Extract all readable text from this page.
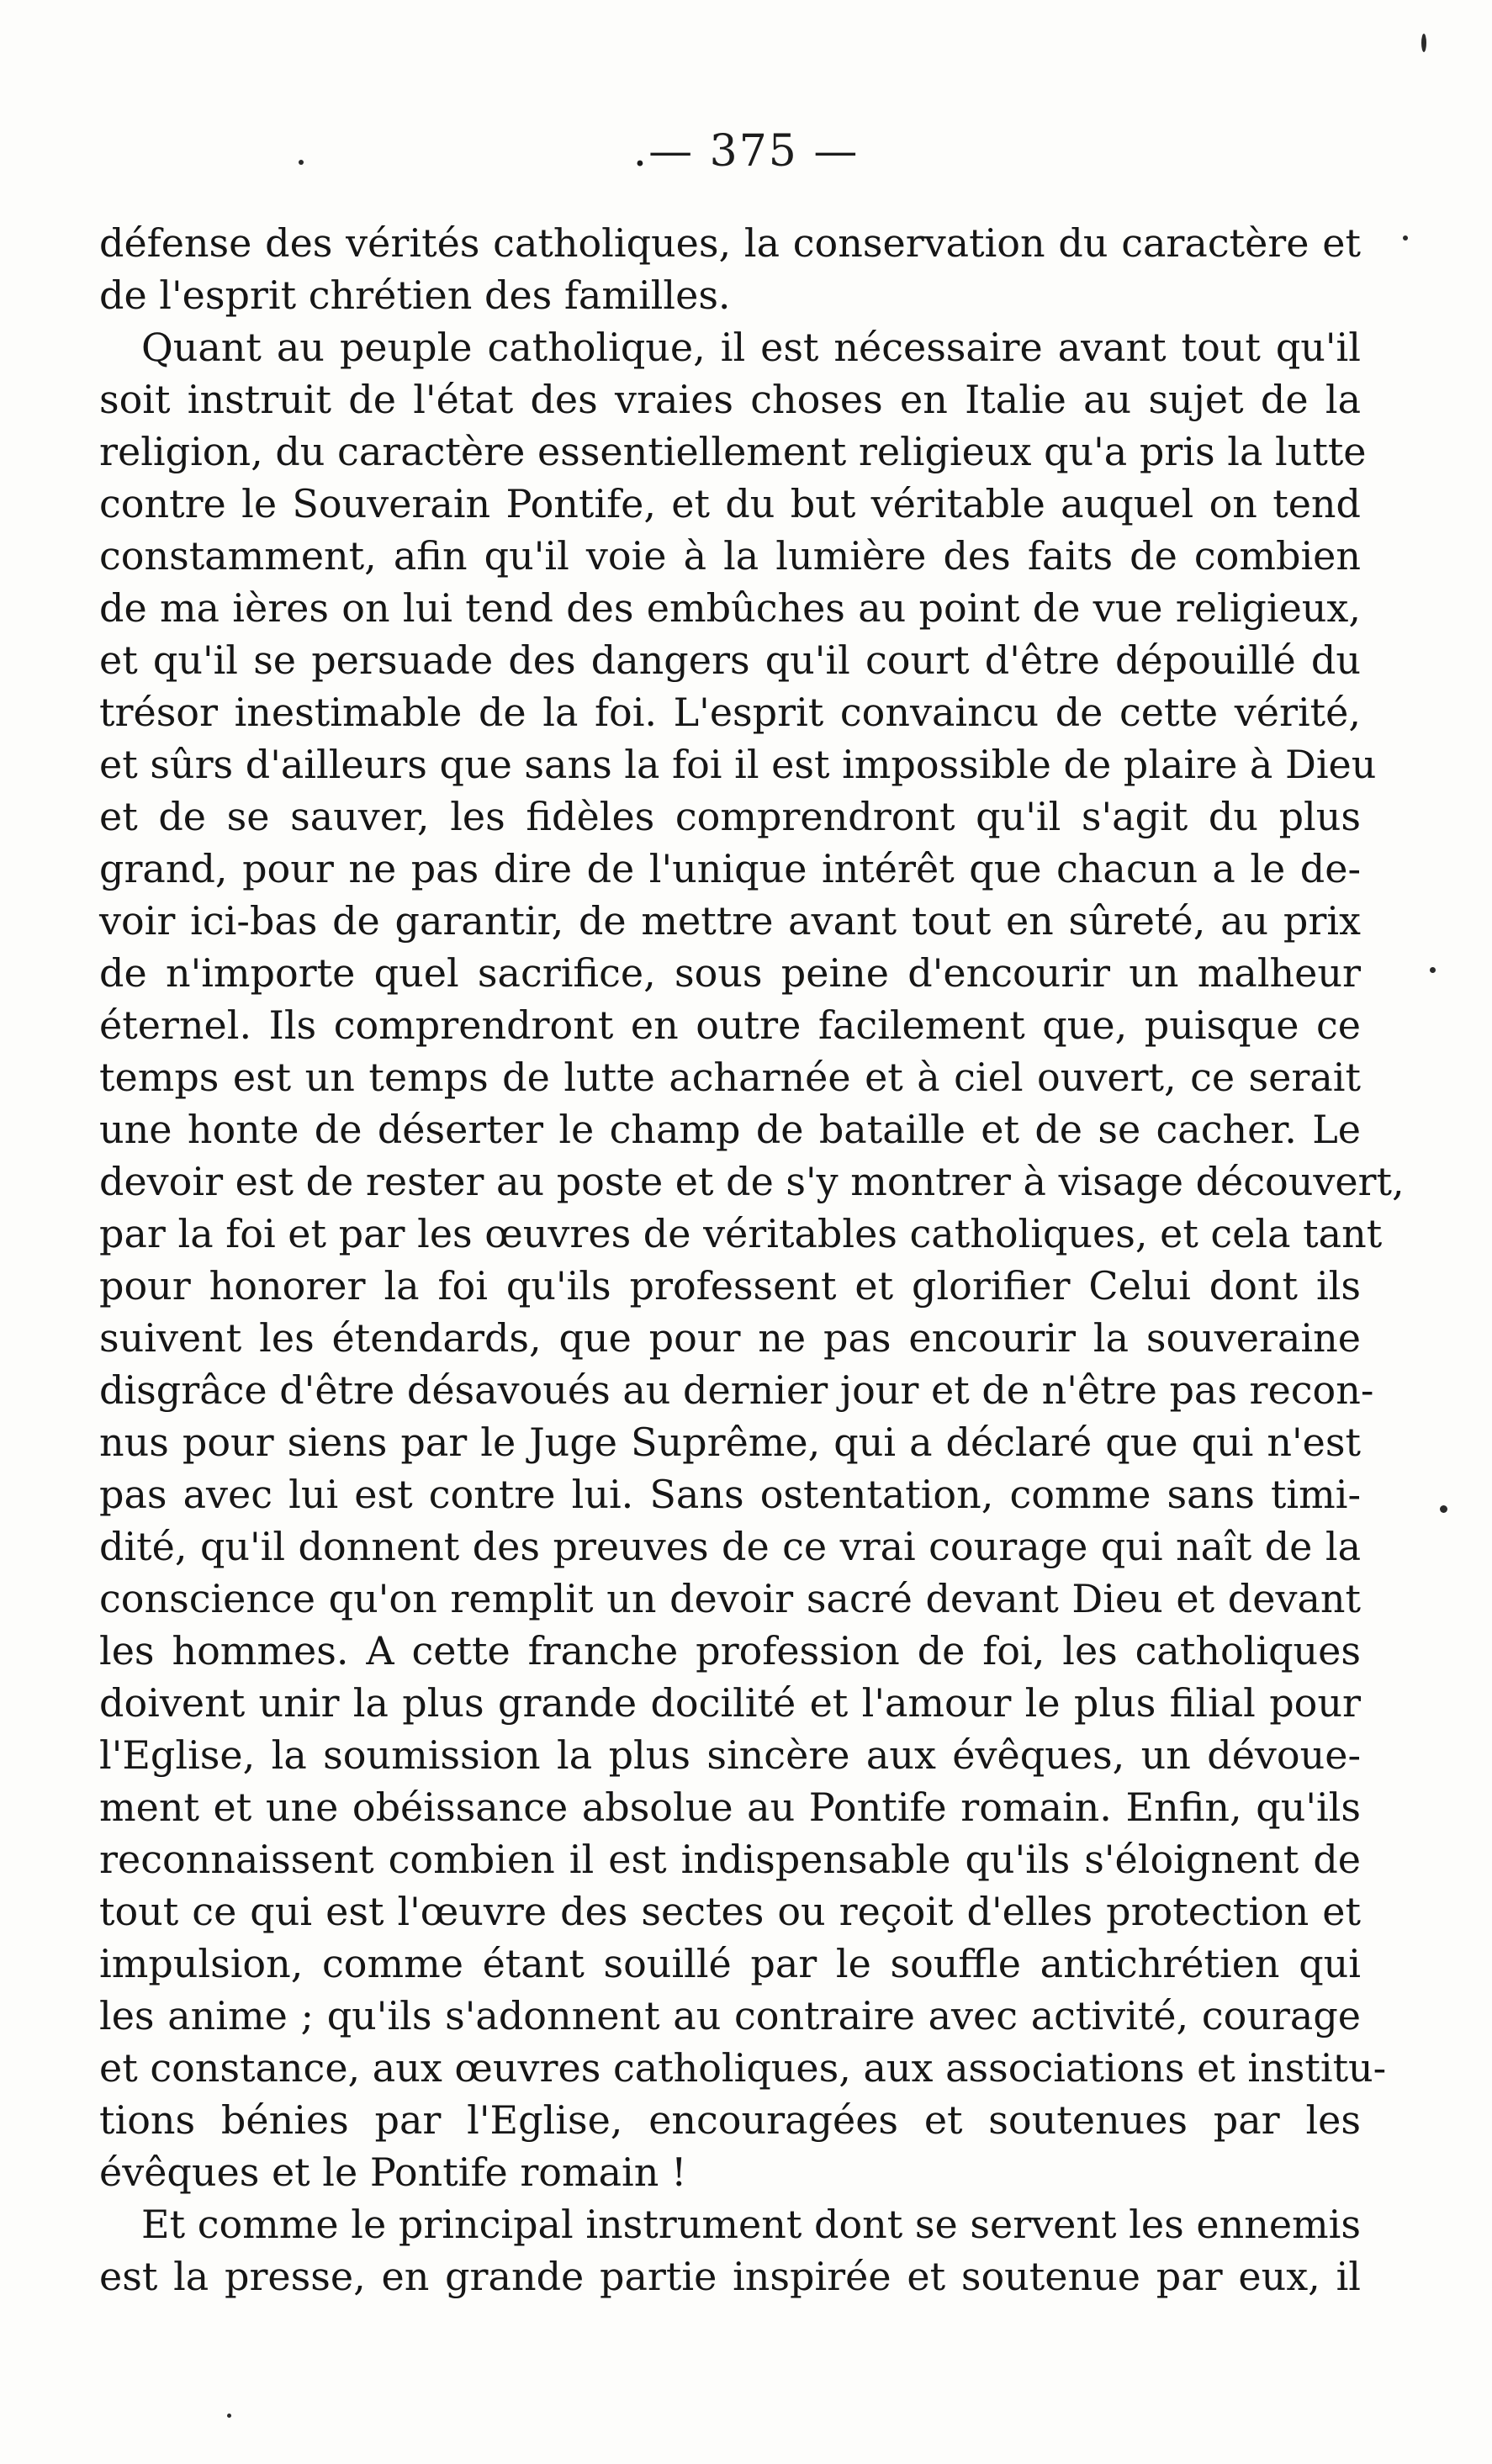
.— 375 —
défense des vérités catholiques, la conservation du caractère et
de l'esprit chrétien des familles.
Quant au peuple catholique, il est nécessaire avant tout qu'il
soit instruit de l'état des vraies choses en Italie au sujet de la
religion, du caractère essentiellement religieux qu'a pris la lutte
contre le Souverain Pontife, et du but véritable auquel on tend
constamment, afin qu'il voie à la lumière des faits de combien
de ma ières on lui tend des embûches au point de vue religieux,
et qu'il se persuade des dangers qu'il court d'être dépouillé du
trésor inestimable de la foi. L'esprit convaincu de cette vérité,
et sûrs d'ailleurs que sans la foi il est impossible de plaire à Dieu
et de se sauver, les fidèles comprendront qu'il s'agit du plus
grand, pour ne pas dire de l'unique intérêt que chacun a le de-
voir ici-bas de garantir, de mettre avant tout en sûreté, au prix
de n'importe quel sacrifice, sous peine d'encourir un malheur
éternel. Ils comprendront en outre facilement que, puisque ce
temps est un temps de lutte acharnée et à ciel ouvert, ce serait
une honte de déserter le champ de bataille et de se cacher. Le
devoir est de rester au poste et de s'y montrer à visage découvert,
par la foi et par les œuvres de véritables catholiques, et cela tant
pour honorer la foi qu'ils professent et glorifier Celui dont ils
suivent les étendards, que pour ne pas encourir la souveraine
disgrâce d'être désavoués au dernier jour et de n'être pas recon-
nus pour siens par le Juge Suprême, qui a déclaré que qui n'est
pas avec lui est contre lui. Sans ostentation, comme sans timi-
dité, qu'il donnent des preuves de ce vrai courage qui naît de la
conscience qu'on remplit un devoir sacré devant Dieu et devant
les hommes. A cette franche profession de foi, les catholiques
doivent unir la plus grande docilité et l'amour le plus filial pour
l'Eglise, la soumission la plus sincère aux évêques, un dévoue-
ment et une obéissance absolue au Pontife romain. Enfin, qu'ils
reconnaissent combien il est indispensable qu'ils s'éloignent de
tout ce qui est l'œuvre des sectes ou reçoit d'elles protection et
impulsion, comme étant souillé par le souffle antichrétien qui
les anime ; qu'ils s'adonnent au contraire avec activité, courage
et constance, aux œuvres catholiques, aux associations et institu-
tions bénies par l'Eglise, encouragées et soutenues par les
évêques et le Pontife romain !
Et comme le principal instrument dont se servent les ennemis
est la presse, en grande partie inspirée et soutenue par eux, il
